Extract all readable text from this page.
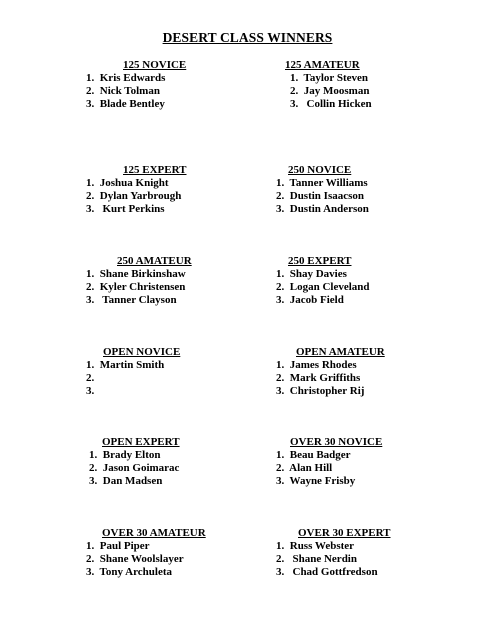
DESERT CLASS WINNERS
125 NOVICE
1.  Kris Edwards
2.  Nick Tolman
3.  Blade Bentley
125 AMATEUR
1.  Taylor Steven
2.  Jay Moosman
3.   Collin Hicken
125 EXPERT
1.  Joshua Knight
2.  Dylan Yarbrough
3.   Kurt Perkins
250 NOVICE
1.  Tanner Williams
2.  Dustin Isaacson
3.  Dustin Anderson
250 AMATEUR
1.  Shane Birkinshaw
2.  Kyler Christensen
3.   Tanner Clayson
250 EXPERT
1.  Shay Davies
2.  Logan Cleveland
3.  Jacob Field
OPEN NOVICE
1.  Martin Smith
2.
3.
OPEN AMATEUR
1.  James Rhodes
2.  Mark Griffiths
3.  Christopher Rij
OPEN EXPERT
1.  Brady Elton
2.  Jason Goimarac
3.  Dan Madsen
OVER 30 NOVICE
1.  Beau Badger
2.  Alan Hill
3.  Wayne Frisby
OVER 30 AMATEUR
1.  Paul Piper
2.  Shane Woolslayer
3.  Tony Archuleta
OVER 30 EXPERT
1.  Russ Webster
2.   Shane Nerdin
3.   Chad Gottfredson
